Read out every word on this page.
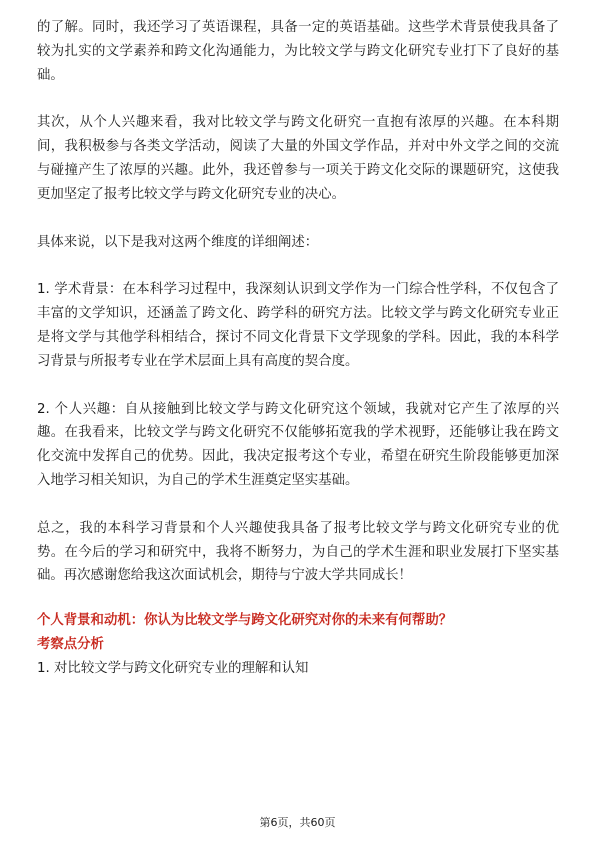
的了解。同时，我还学习了英语课程，具备一定的英语基础。这些学术背景使我具备了较为扎实的文学素养和跨文化沟通能力，为比较文学与跨文化研究专业打下了良好的基础。

其次，从个人兴趣来看，我对比较文学与跨文化研究一直抱有浓厚的兴趣。在本科期间，我积极参与各类文学活动，阅读了大量的外国文学作品，并对中外文学之间的交流与碰撞产生了浓厚的兴趣。此外，我还曾参与一项关于跨文化交际的课题研究，这使我更加坚定了报考比较文学与跨文化研究专业的决心。

具体来说，以下是我对这两个维度的详细阐述：

1. 学术背景：在本科学习过程中，我深刻认识到文学作为一门综合性学科，不仅包含了丰富的文学知识，还涵盖了跨文化、跨学科的研究方法。比较文学与跨文化研究专业正是将文学与其他学科相结合，探讨不同文化背景下文学现象的学科。因此，我的本科学习背景与所报考专业在学术层面上具有高度的契合度。

2. 个人兴趣：自从接触到比较文学与跨文化研究这个领域，我就对它产生了浓厚的兴趣。在我看来，比较文学与跨文化研究不仅能够拓宽我的学术视野，还能够让我在跨文化交流中发挥自己的优势。因此，我决定报考这个专业，希望在研究生阶段能够更加深入地学习相关知识，为自己的学术生涯奠定坚实基础。

总之，我的本科学习背景和个人兴趣使我具备了报考比较文学与跨文化研究专业的优势。在今后的学习和研究中，我将不断努力，为自己的学术生涯和职业发展打下坚实基础。再次感谢您给我这次面试机会，期待与宁波大学共同成长！

个人背景和动机：你认为比较文学与跨文化研究对你的未来有何帮助？

考察点分析

1. 对比较文学与跨文化研究专业的理解和认知

第6页，共60页
